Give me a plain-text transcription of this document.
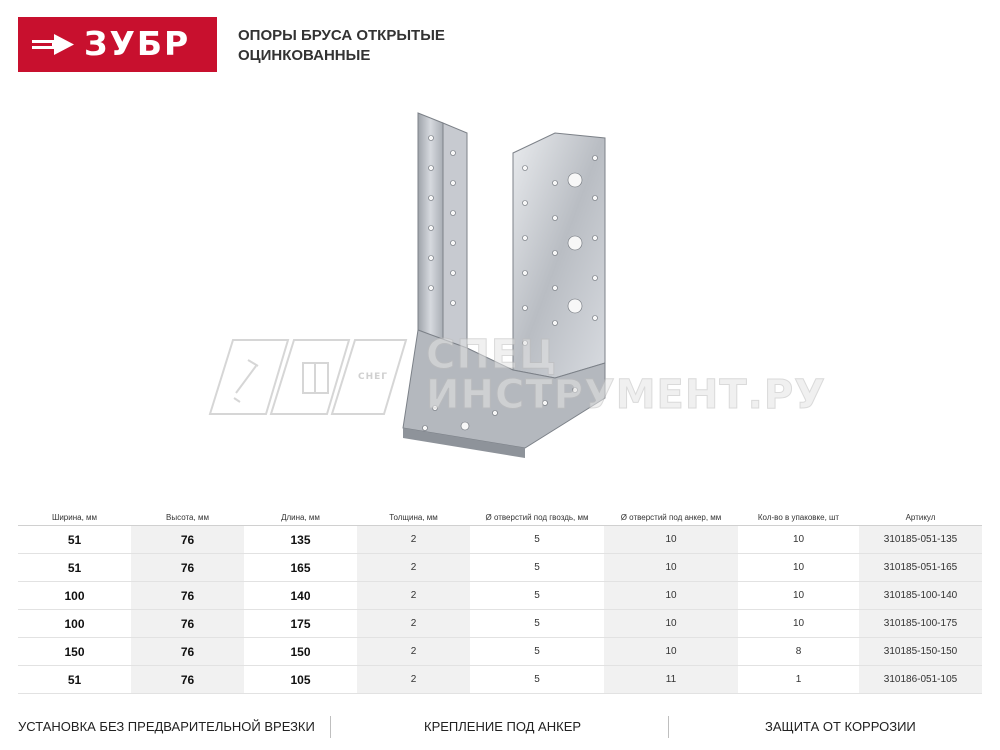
ЗУБР	ОПОРЫ БРУСА ОТКРЫТЫЕ
ОЦИНКОВАННЫЕ
СНЕГ СПЕЦ
ИНСТРУМЕНТ.РУ
Ширина, мм	Высота, мм	Длина, мм	Толщина, мм	Ø отверстий под гвоздь, мм	Ø отверстий под анкер, мм	Кол-во в упаковке, шт	Артикул
51	76	135	2	5	10	10	310185-051-135
51	76	165	2	5	10	10	310185-051-165
100	76	140	2	5	10	10	310185-100-140
100	76	175	2	5	10	10	310185-100-175
150	76	150	2	5	10	8	310185-150-150
51	76	105	2	5	11	1	310186-051-105
УСТАНОВКА БЕЗ ПРЕДВАРИТЕЛЬНОЙ ВРЕЗКИ	КРЕПЛЕНИЕ ПОД АНКЕР	ЗАЩИТА ОТ КОРРОЗИИ
